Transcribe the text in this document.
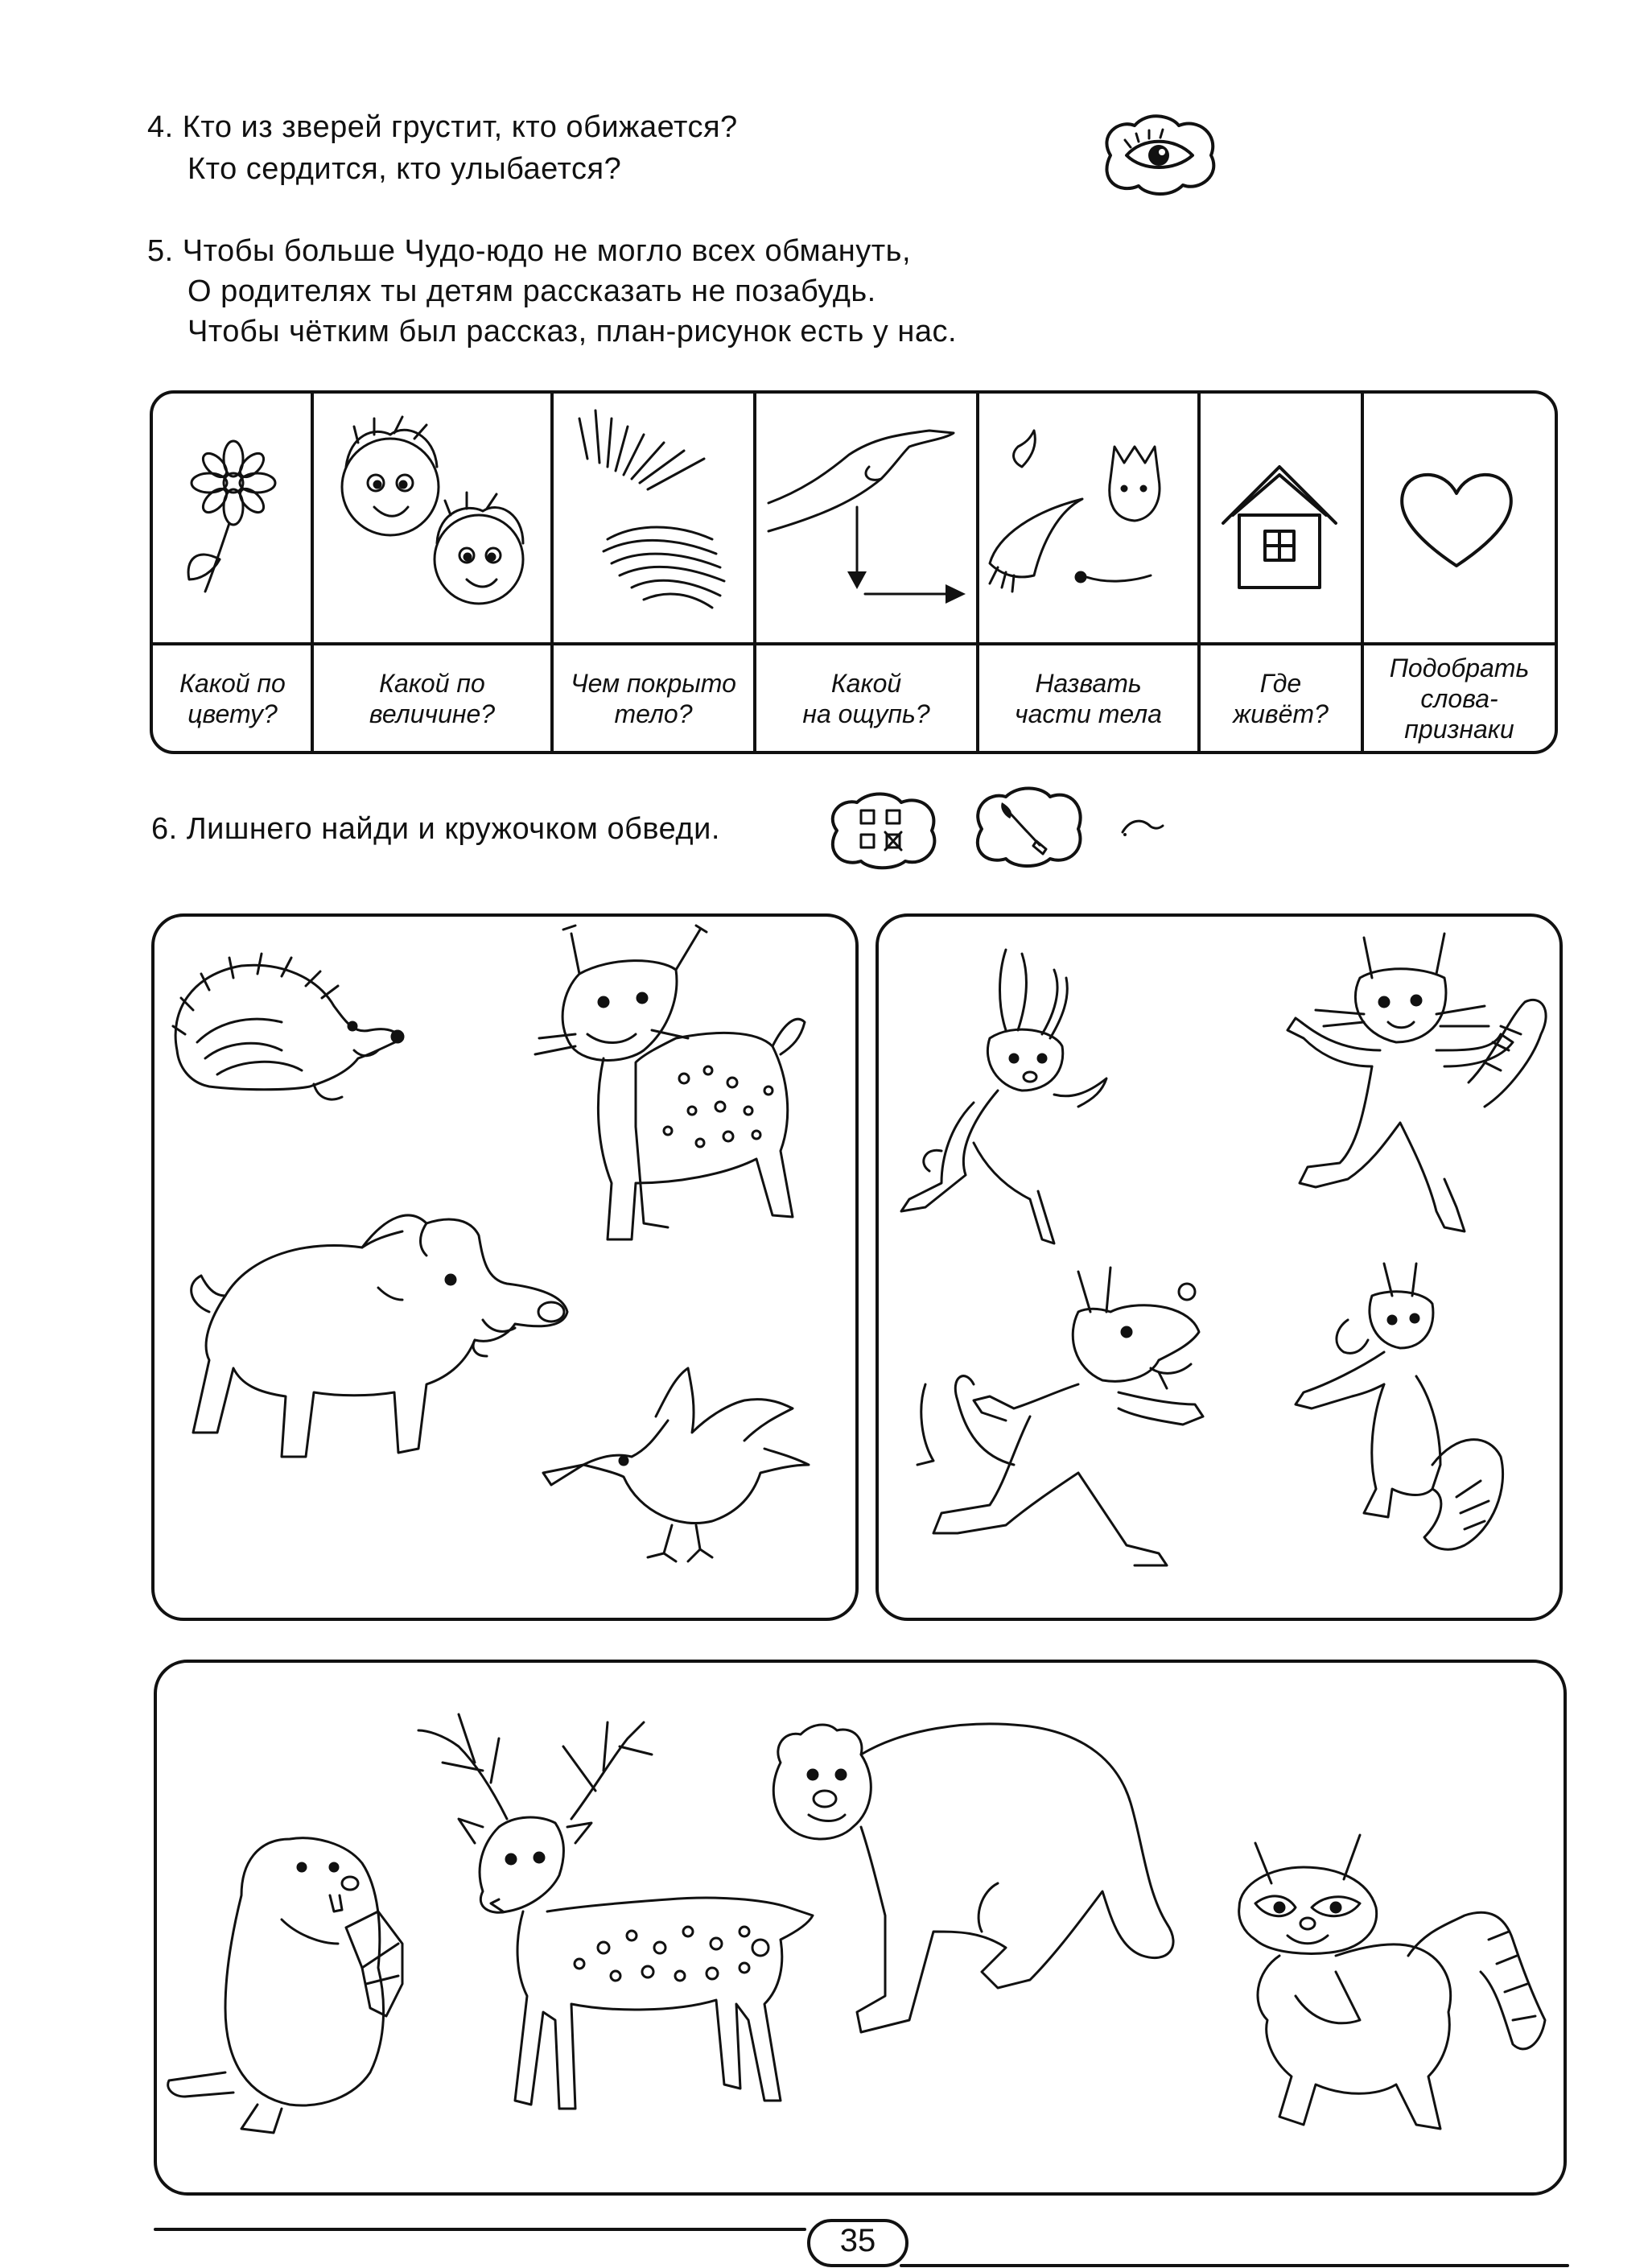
4. Кто из зверей грустит, кто обижается?
Кто сердится, кто улыбается?
5. Чтобы больше Чудо-юдо не могло всех обмануть,
О родителях ты детям рассказать не позабудь.
Чтобы чётким был рассказ, план-рисунок есть у нас.
Какой по
цвету?
Какой по
величине?
Чем покрыто
тело?
Какой
на ощупь?
Назвать
части тела
Где
живёт?
Подобрать
слова-
признаки
6. Лишнего найди и кружочком обведи.
35
